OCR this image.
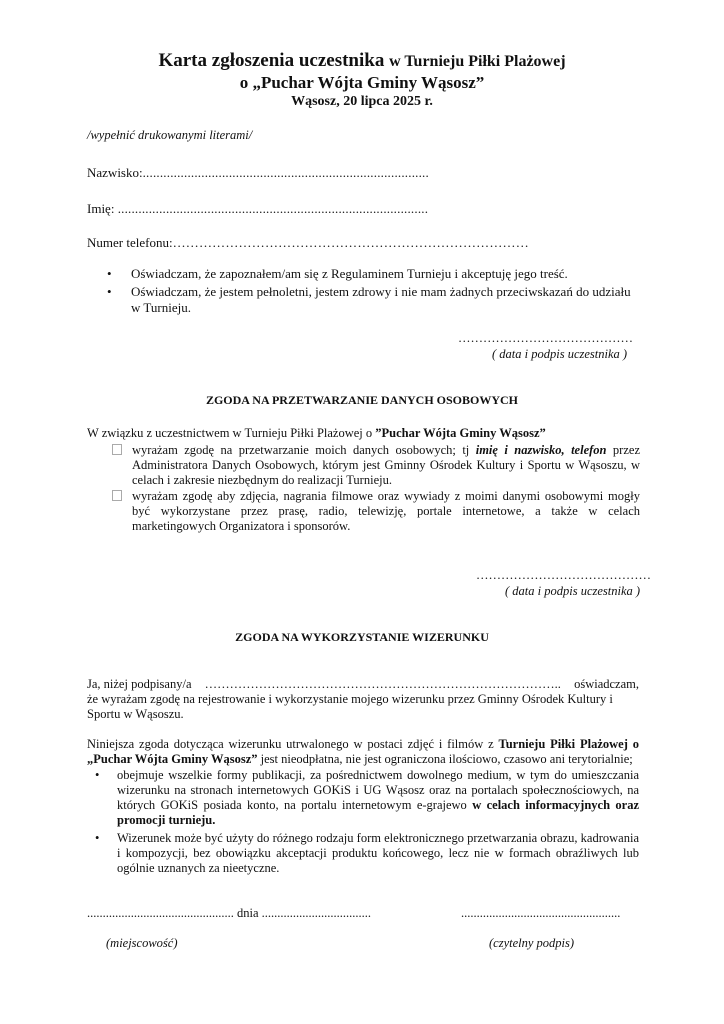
Karta zgłoszenia uczestnika w Turnieju Piłki Plażowej
o „Puchar Wójta Gminy Wąsosz”
Wąsosz, 20 lipca 2025 r.
/wypełnić drukowanymi literami/
Nazwisko:...................................................................................
Imię: ..........................................................................................
Numer telefonu:………………………………………………………………………
• Oświadczam, że zapoznałem/am się z Regulaminem Turnieju i akceptuję jego treść.
• Oświadczam, że jestem pełnoletni, jestem zdrowy i nie mam żadnych przeciwskazań do udziału w Turnieju.
……………………………………
( data i podpis uczestnika )
ZGODA NA PRZETWARZANIE DANYCH OSOBOWYCH
W związku z uczestnictwem w Turnieju Piłki Plażowej o ”Puchar Wójta Gminy Wąsosz”
wyrażam zgodę na przetwarzanie moich danych osobowych; tj imię i nazwisko, telefon przez Administratora Danych Osobowych, którym jest Gminny Ośrodek Kultury i Sportu w Wąsoszu, w celach i zakresie niezbędnym do realizacji Turnieju.
wyrażam zgodę aby zdjęcia, nagrania filmowe oraz wywiady z moimi danymi osobowymi mogły być wykorzystane przez prasę, radio, telewizję, portale internetowe, a także w celach marketingowych Organizatora i sponsorów.
……………………………………
( data i podpis uczestnika )
ZGODA NA WYKORZYSTANIE WIZERUNKU
Ja, niżej podpisany/a ………………………………………………………………………….. oświadczam,
że wyrażam zgodę na rejestrowanie i wykorzystanie mojego wizerunku przez Gminny Ośrodek Kultury i Sportu w Wąsoszu.
Niniejsza zgoda dotycząca wizerunku utrwalonego w postaci zdjęć i filmów z Turnieju Piłki Plażowej o „Puchar Wójta Gminy Wąsosz” jest nieodpłatna, nie jest ograniczona ilościowo, czasowo ani terytorialnie;
• obejmuje wszelkie formy publikacji, za pośrednictwem dowolnego medium, w tym do umieszczania wizerunku na stronach internetowych GOKiS i UG Wąsosz oraz na portalach społecznościowych, na których GOKiS posiada konto, na portalu internetowym e-grajewo w celach informacyjnych oraz promocji turnieju.
• Wizerunek może być użyty do różnego rodzaju form elektronicznego przetwarzania obrazu, kadrowania i kompozycji, bez obowiązku akceptacji produktu końcowego, lecz nie w formach obraźliwych lub ogólnie uznanych za nieetyczne.
............................................... dnia ...................................	...................................................
(miejscowość)	(czytelny podpis)
